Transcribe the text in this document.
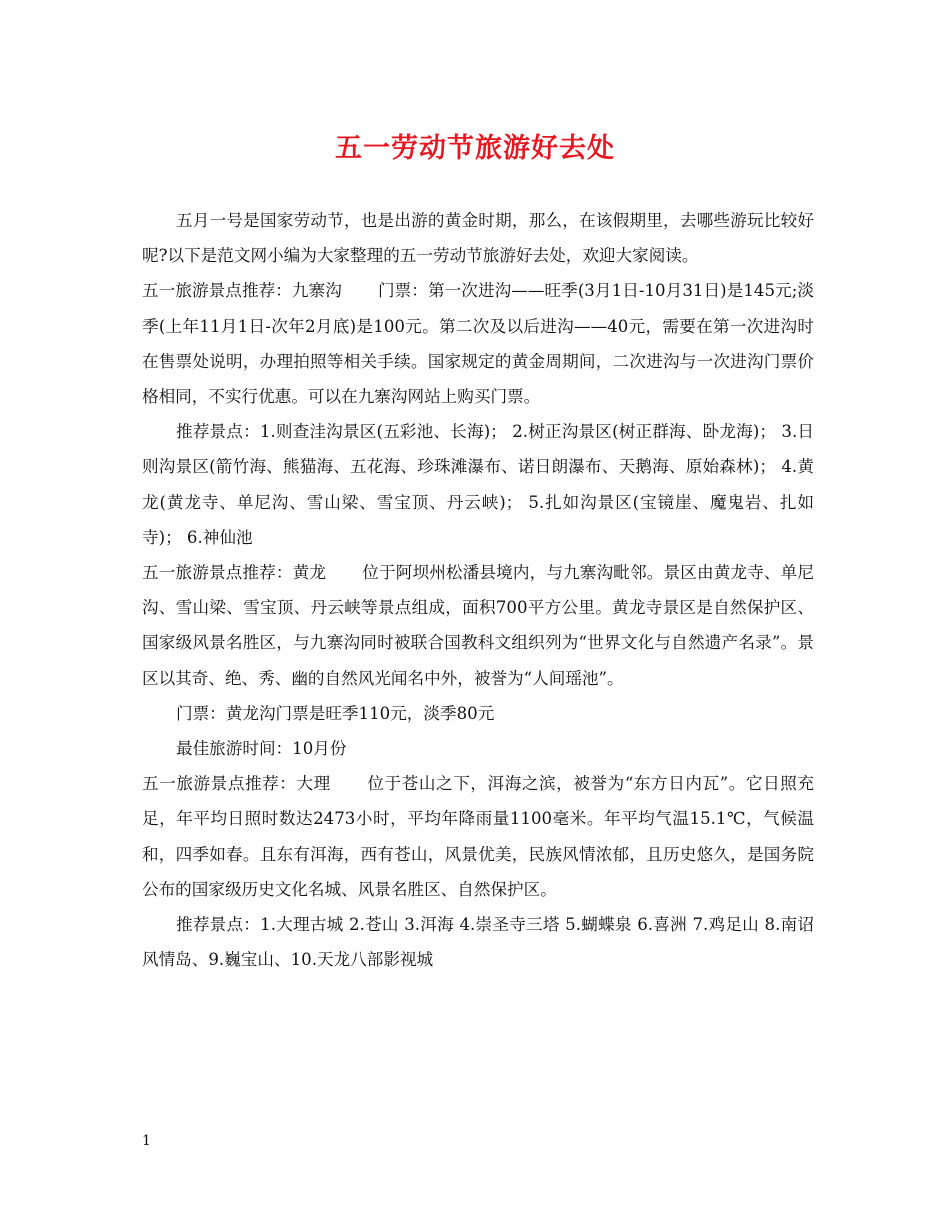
五一劳动节旅游好去处

五月一号是国家劳动节，也是出游的黄金时期，那么，在该假期里，去哪些游玩比较好呢?以下是范文网小编为大家整理的五一劳动节旅游好去处，欢迎大家阅读。

五一旅游景点推荐：九寨沟 门票：第一次进沟——旺季(3月1日-10月31日)是145元;淡季(上年11月1日-次年2月底)是100元。第二次及以后进沟——40元，需要在第一次进沟时在售票处说明，办理拍照等相关手续。国家规定的黄金周期间，二次进沟与一次进沟门票价格相同，不实行优惠。可以在九寨沟网站上购买门票。

推荐景点：1.则查洼沟景区(五彩池、长海)； 2.树正沟景区(树正群海、卧龙海)； 3.日则沟景区(箭竹海、熊猫海、五花海、珍珠滩瀑布、诺日朗瀑布、天鹅海、原始森林)； 4.黄龙(黄龙寺、单尼沟、雪山梁、雪宝顶、丹云峡)； 5.扎如沟景区(宝镜崖、魔鬼岩、扎如寺)； 6.神仙池

五一旅游景点推荐：黄龙 位于阿坝州松潘县境内，与九寨沟毗邻。景区由黄龙寺、单尼沟、雪山梁、雪宝顶、丹云峡等景点组成，面积700平方公里。黄龙寺景区是自然保护区、国家级风景名胜区，与九寨沟同时被联合国教科文组织列为“世界文化与自然遗产名录”。景区以其奇、绝、秀、幽的自然风光闻名中外，被誉为“人间瑶池”。

门票：黄龙沟门票是旺季110元，淡季80元

最佳旅游时间：10月份

五一旅游景点推荐：大理 位于苍山之下，洱海之滨，被誉为“东方日内瓦”。它日照充足，年平均日照时数达2473小时，平均年降雨量1100毫米。年平均气温15.1℃，气候温和，四季如春。且东有洱海，西有苍山，风景优美，民族风情浓郁，且历史悠久，是国务院公布的国家级历史文化名城、风景名胜区、自然保护区。

推荐景点：1.大理古城 2.苍山 3.洱海 4.崇圣寺三塔 5.蝴蝶泉 6.喜洲 7.鸡足山 8.南诏风情岛、9.巍宝山、10.天龙八部影视城

1
